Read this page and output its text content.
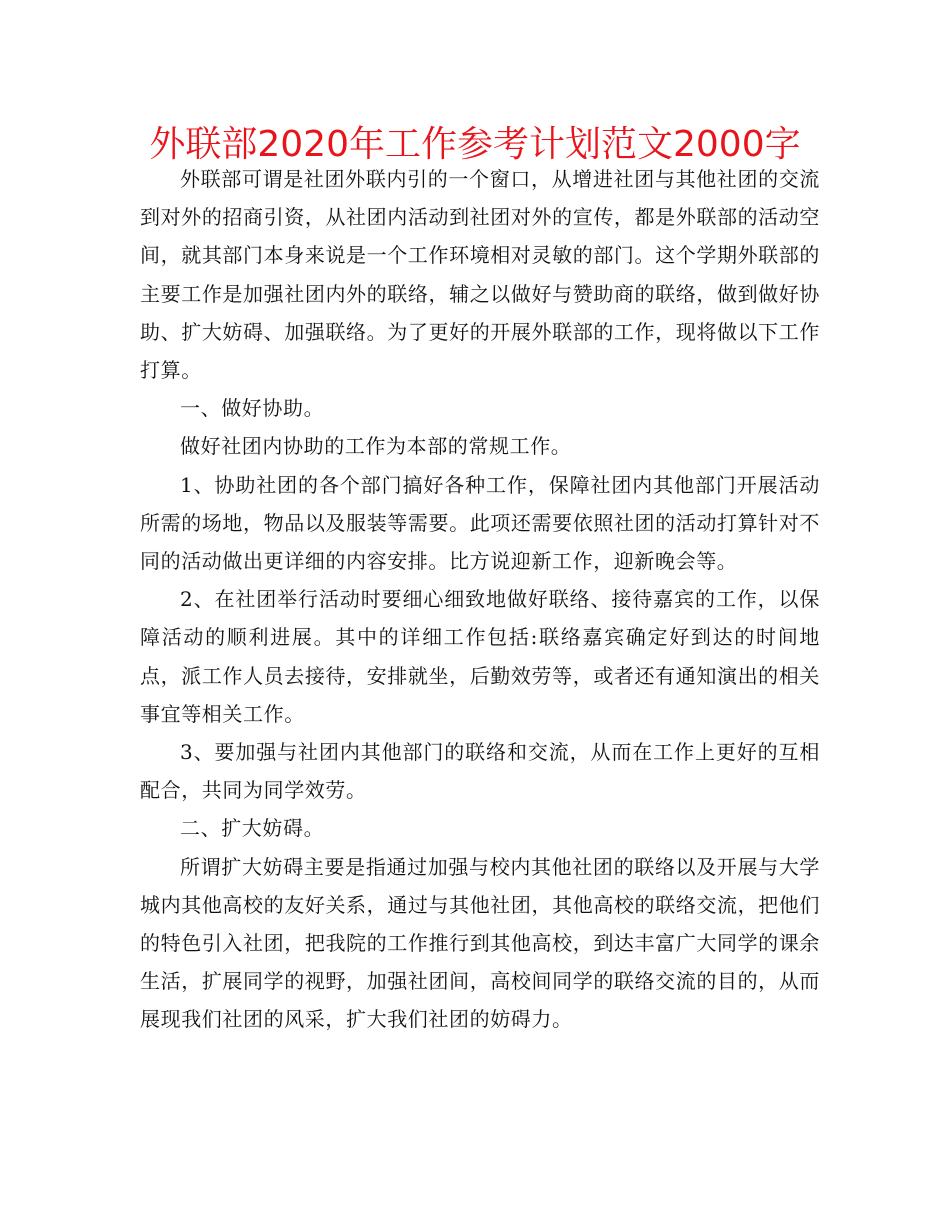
外联部2020年工作参考计划范文2000字

外联部可谓是社团外联内引的一个窗口，从增进社团与其他社团的交流到对外的招商引资，从社团内活动到社团对外的宣传，都是外联部的活动空间，就其部门本身来说是一个工作环境相对灵敏的部门。这个学期外联部的主要工作是加强社团内外的联络，辅之以做好与赞助商的联络，做到做好协助、扩大妨碍、加强联络。为了更好的开展外联部的工作，现将做以下工作打算。

一、做好协助。

做好社团内协助的工作为本部的常规工作。

1、协助社团的各个部门搞好各种工作，保障社团内其他部门开展活动所需的场地，物品以及服装等需要。此项还需要依照社团的活动打算针对不同的活动做出更详细的内容安排。比方说迎新工作，迎新晚会等。

2、在社团举行活动时要细心细致地做好联络、接待嘉宾的工作，以保障活动的顺利进展。其中的详细工作包括:联络嘉宾确定好到达的时间地点，派工作人员去接待，安排就坐，后勤效劳等，或者还有通知演出的相关事宜等相关工作。

3、要加强与社团内其他部门的联络和交流，从而在工作上更好的互相配合，共同为同学效劳。

二、扩大妨碍。

所谓扩大妨碍主要是指通过加强与校内其他社团的联络以及开展与大学城内其他高校的友好关系，通过与其他社团，其他高校的联络交流，把他们的特色引入社团，把我院的工作推行到其他高校，到达丰富广大同学的课余生活，扩展同学的视野，加强社团间，高校间同学的联络交流的目的，从而展现我们社团的风采，扩大我们社团的妨碍力。
